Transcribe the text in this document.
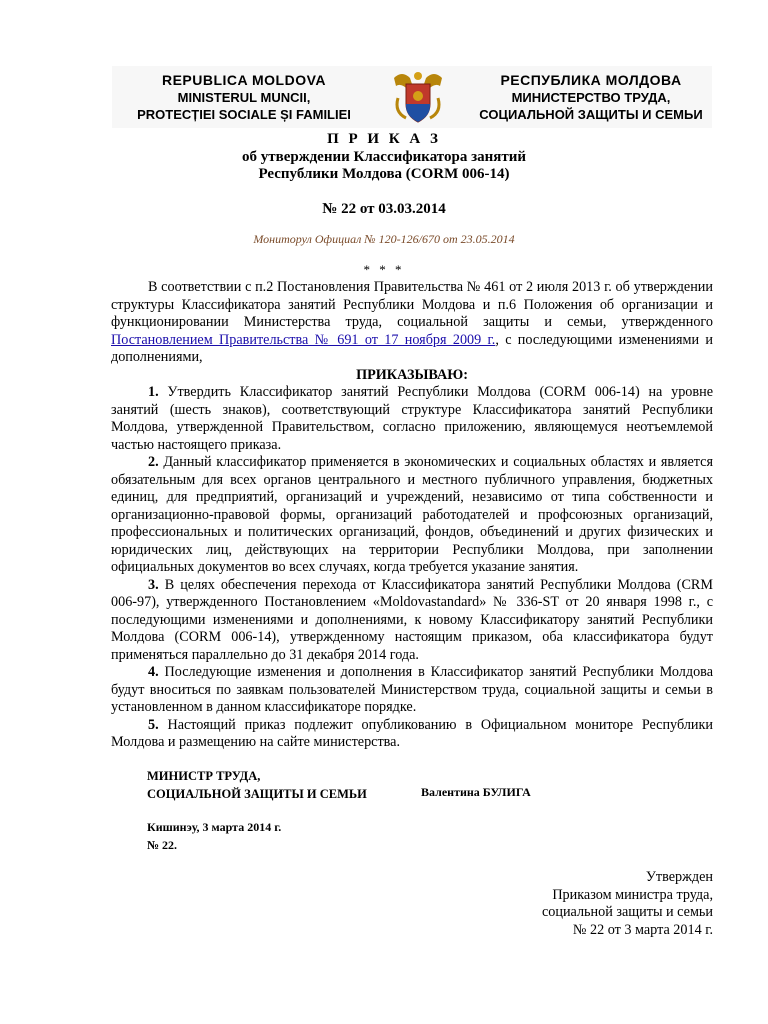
REPUBLICA MOLDOVA
MINISTERUL MUNCII,
PROTECȚIEI SOCIALE ȘI FAMILIEI
РЕСПУБЛИКА МОЛДОВА
МИНИСТЕРСТВО ТРУДА,
СОЦИАЛЬНОЙ ЗАЩИТЫ И СЕМЬИ
П Р И К А З
об утверждении Классификатора занятий
Республики Молдова (CORM 006-14)
№ 22 от 03.03.2014
Мониторул Официал № 120-126/670 от 23.05.2014
* * *

В соответствии с п.2 Постановления Правительства № 461 от 2 июля 2013 г. об утверждении структуры Классификатора занятий Республики Молдова и п.6 Положения об организации и функционировании Министерства труда, социальной защиты и семьи, утвержденного Постановлением Правительства № 691 от 17 ноября 2009 г., с последующими изменениями и дополнениями,

ПРИКАЗЫВАЮ:

1. Утвердить Классификатор занятий Республики Молдова (CORM 006-14) на уровне занятий (шесть знаков), соответствующий структуре Классификатора занятий Республики Молдова, утвержденной Правительством, согласно приложению, являющемуся неотъемлемой частью настоящего приказа.

2. Данный классификатор применяется в экономических и социальных областях и является обязательным для всех органов центрального и местного публичного управления, бюджетных единиц, для предприятий, организаций и учреждений, независимо от типа собственности и организационно-правовой формы, организаций работодателей и профсоюзных организаций, профессиональных и политических организаций, фондов, объединений и других физических и юридических лиц, действующих на территории Республики Молдова, при заполнении официальных документов во всех случаях, когда требуется указание занятия.

3. В целях обеспечения перехода от Классификатора занятий Республики Молдова (CRM 006-97), утвержденного Постановлением «Moldovastandard» № 336-ST от 20 января 1998 г., с последующими изменениями и дополнениями, к новому Классификатору занятий Республики Молдова (CORM 006-14), утвержденному настоящим приказом, оба классификатора будут применяться параллельно до 31 декабря 2014 года.

4. Последующие изменения и дополнения в Классификатор занятий Республики Молдова будут вноситься по заявкам пользователей Министерством труда, социальной защиты и семьи в установленном в данном классификаторе порядке.

5. Настоящий приказ подлежит опубликованию в Официальном мониторе Республики Молдова и размещению на сайте министерства.

МИНИСТР ТРУДА,
СОЦИАЛЬНОЙ ЗАЩИТЫ И СЕМЬИ	Валентина БУЛИГА
Кишинэу, 3 марта 2014 г.
№ 22.
Утвержден
Приказом министра труда,
социальной защиты и семьи
№ 22 от 3 марта 2014 г.
